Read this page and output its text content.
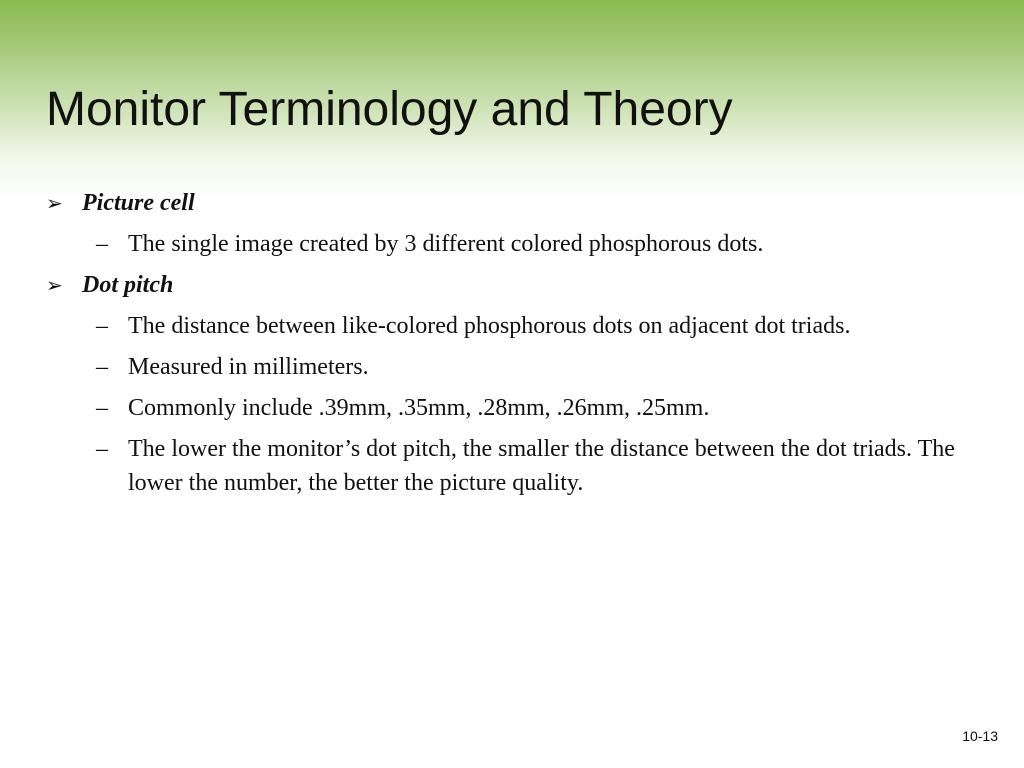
Monitor Terminology and Theory
➢ Picture cell
– The single image created by 3 different colored phosphorous dots.
➢ Dot pitch
– The distance between like-colored phosphorous dots on adjacent dot triads.
– Measured in millimeters.
– Commonly include .39mm, .35mm, .28mm, .26mm, .25mm.
– The lower the monitor’s dot pitch, the smaller the distance between the dot triads. The lower the number, the better the picture quality.
10-13
